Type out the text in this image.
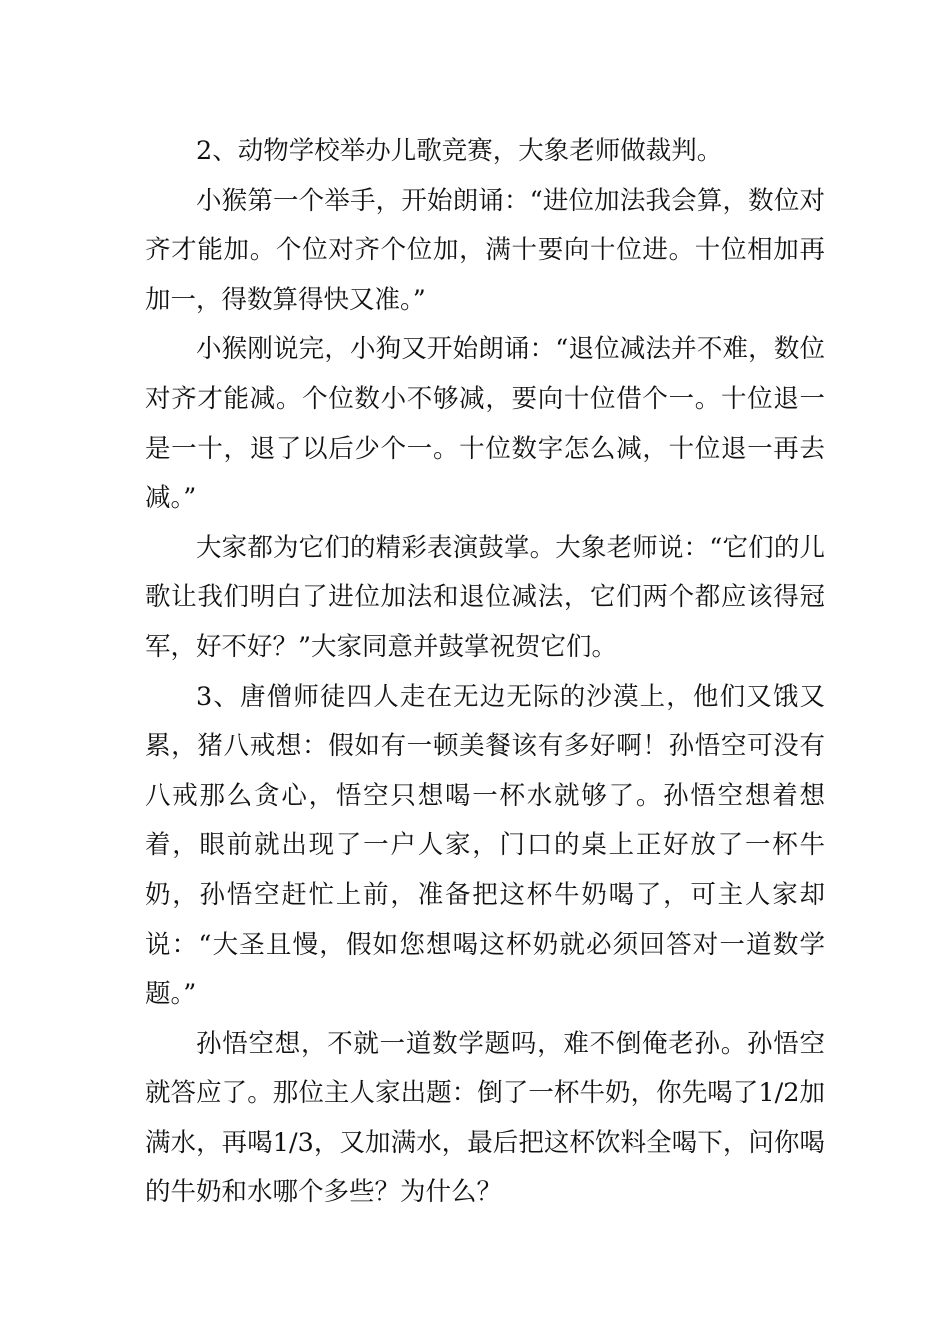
2、动物学校举办儿歌竞赛，大象老师做裁判。

小猴第一个举手，开始朗诵：“进位加法我会算，数位对齐才能加。个位对齐个位加，满十要向十位进。十位相加再加一，得数算得快又准。”

小猴刚说完，小狗又开始朗诵：“退位减法并不难，数位对齐才能减。个位数小不够减，要向十位借个一。十位退一是一十，退了以后少个一。十位数字怎么减，十位退一再去减。”

大家都为它们的精彩表演鼓掌。大象老师说：“它们的儿歌让我们明白了进位加法和退位减法，它们两个都应该得冠军，好不好？”大家同意并鼓掌祝贺它们。

3、唐僧师徒四人走在无边无际的沙漠上，他们又饿又累，猪八戒想：假如有一顿美餐该有多好啊！孙悟空可没有八戒那么贪心，悟空只想喝一杯水就够了。孙悟空想着想着，眼前就出现了一户人家，门口的桌上正好放了一杯牛奶，孙悟空赶忙上前，准备把这杯牛奶喝了，可主人家却说：“大圣且慢，假如您想喝这杯奶就必须回答对一道数学题。”

孙悟空想，不就一道数学题吗，难不倒俺老孙。孙悟空就答应了。那位主人家出题：倒了一杯牛奶，你先喝了1/2加满水，再喝1/3，又加满水，最后把这杯饮料全喝下，问你喝的牛奶和水哪个多些？为什么？
